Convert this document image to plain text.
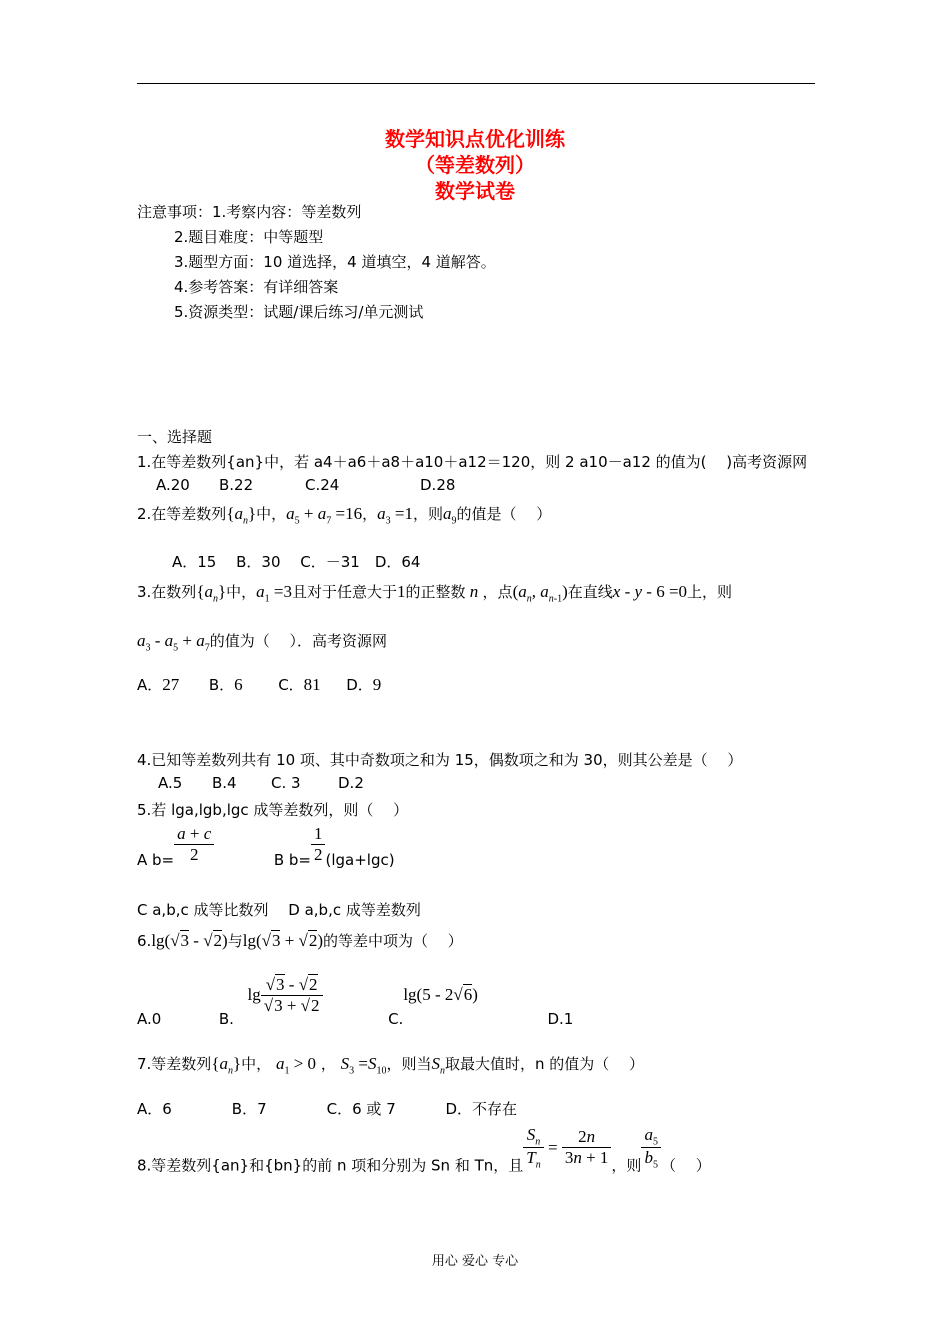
数学知识点优化训练
（等差数列）
数学试卷
注意事项：1.考察内容：等差数列
2.题目难度：中等题型
3.题型方面：10 道选择，4 道填空，4 道解答。
4.参考答案：有详细答案
5.资源类型：试题/课后练习/单元测试
一、选择题
1.在等差数列{an}中，若 a4＋a6＋a8＋a10＋a12＝120，则 2 a10－a12 的值为(　 )高考资源网
A.20 B.22	C.24	D.28
2.在等差数列$\{a_n\}$中，$a_5 + a_7 =16$，$a_3 =1$，则$a_9$的值是（　 ）
A．15　 B．30　 C．－31　D．64
3.在数列$\{a_n\}$中，$a_1 =3$且对于任意大于1的正整数 n ，点($a_n$, $a_{n-1}$)在直线x - y - 6 =0上，则
$a_3 - a_5 + a_7$的值为（　 ）．高考资源网
A．27 B．6 C．81 D．9
4.已知等差数列共有 10 项、其中奇数项之和为 15，偶数项之和为 30，则其公差是（　 ）
A.5 B.4 C. 3 D.2
5.若 lga,lgb,lgc 成等差数列，则（　 ）
A $b= \frac{a + c}{2}$	B $b= \frac{1}{2} (\lg a+\lg c)$
C a,b,c 成等比数列　 D a,b,c 成等差数列
6.lg(√3 - √2)与lg(√3 + √2)的等差中项为（　 ）
A.0	B.  $\lg \frac{√3 - √2}{√3 + √2}$
C.lg(5 - 2√6)  D.1
7.等差数列$\{a_n\}$中， $a_1 > 0$ ， $S_3 =S_{10}$，则当$S_n$取最大值时，n 的值为（　 ）
A．6　　　　B．7　　　　C．6 或 7　　　 D．不存在
8.等差数列{an}和{bn}的前 n 项和分别为 Sn 和 Tn，且 $\frac{S_n}{T_n} = \frac{2n}{3n + 1}$ ，则 $\frac{a_5}{b_5}$ （　 ）
用心 爱心 专心
